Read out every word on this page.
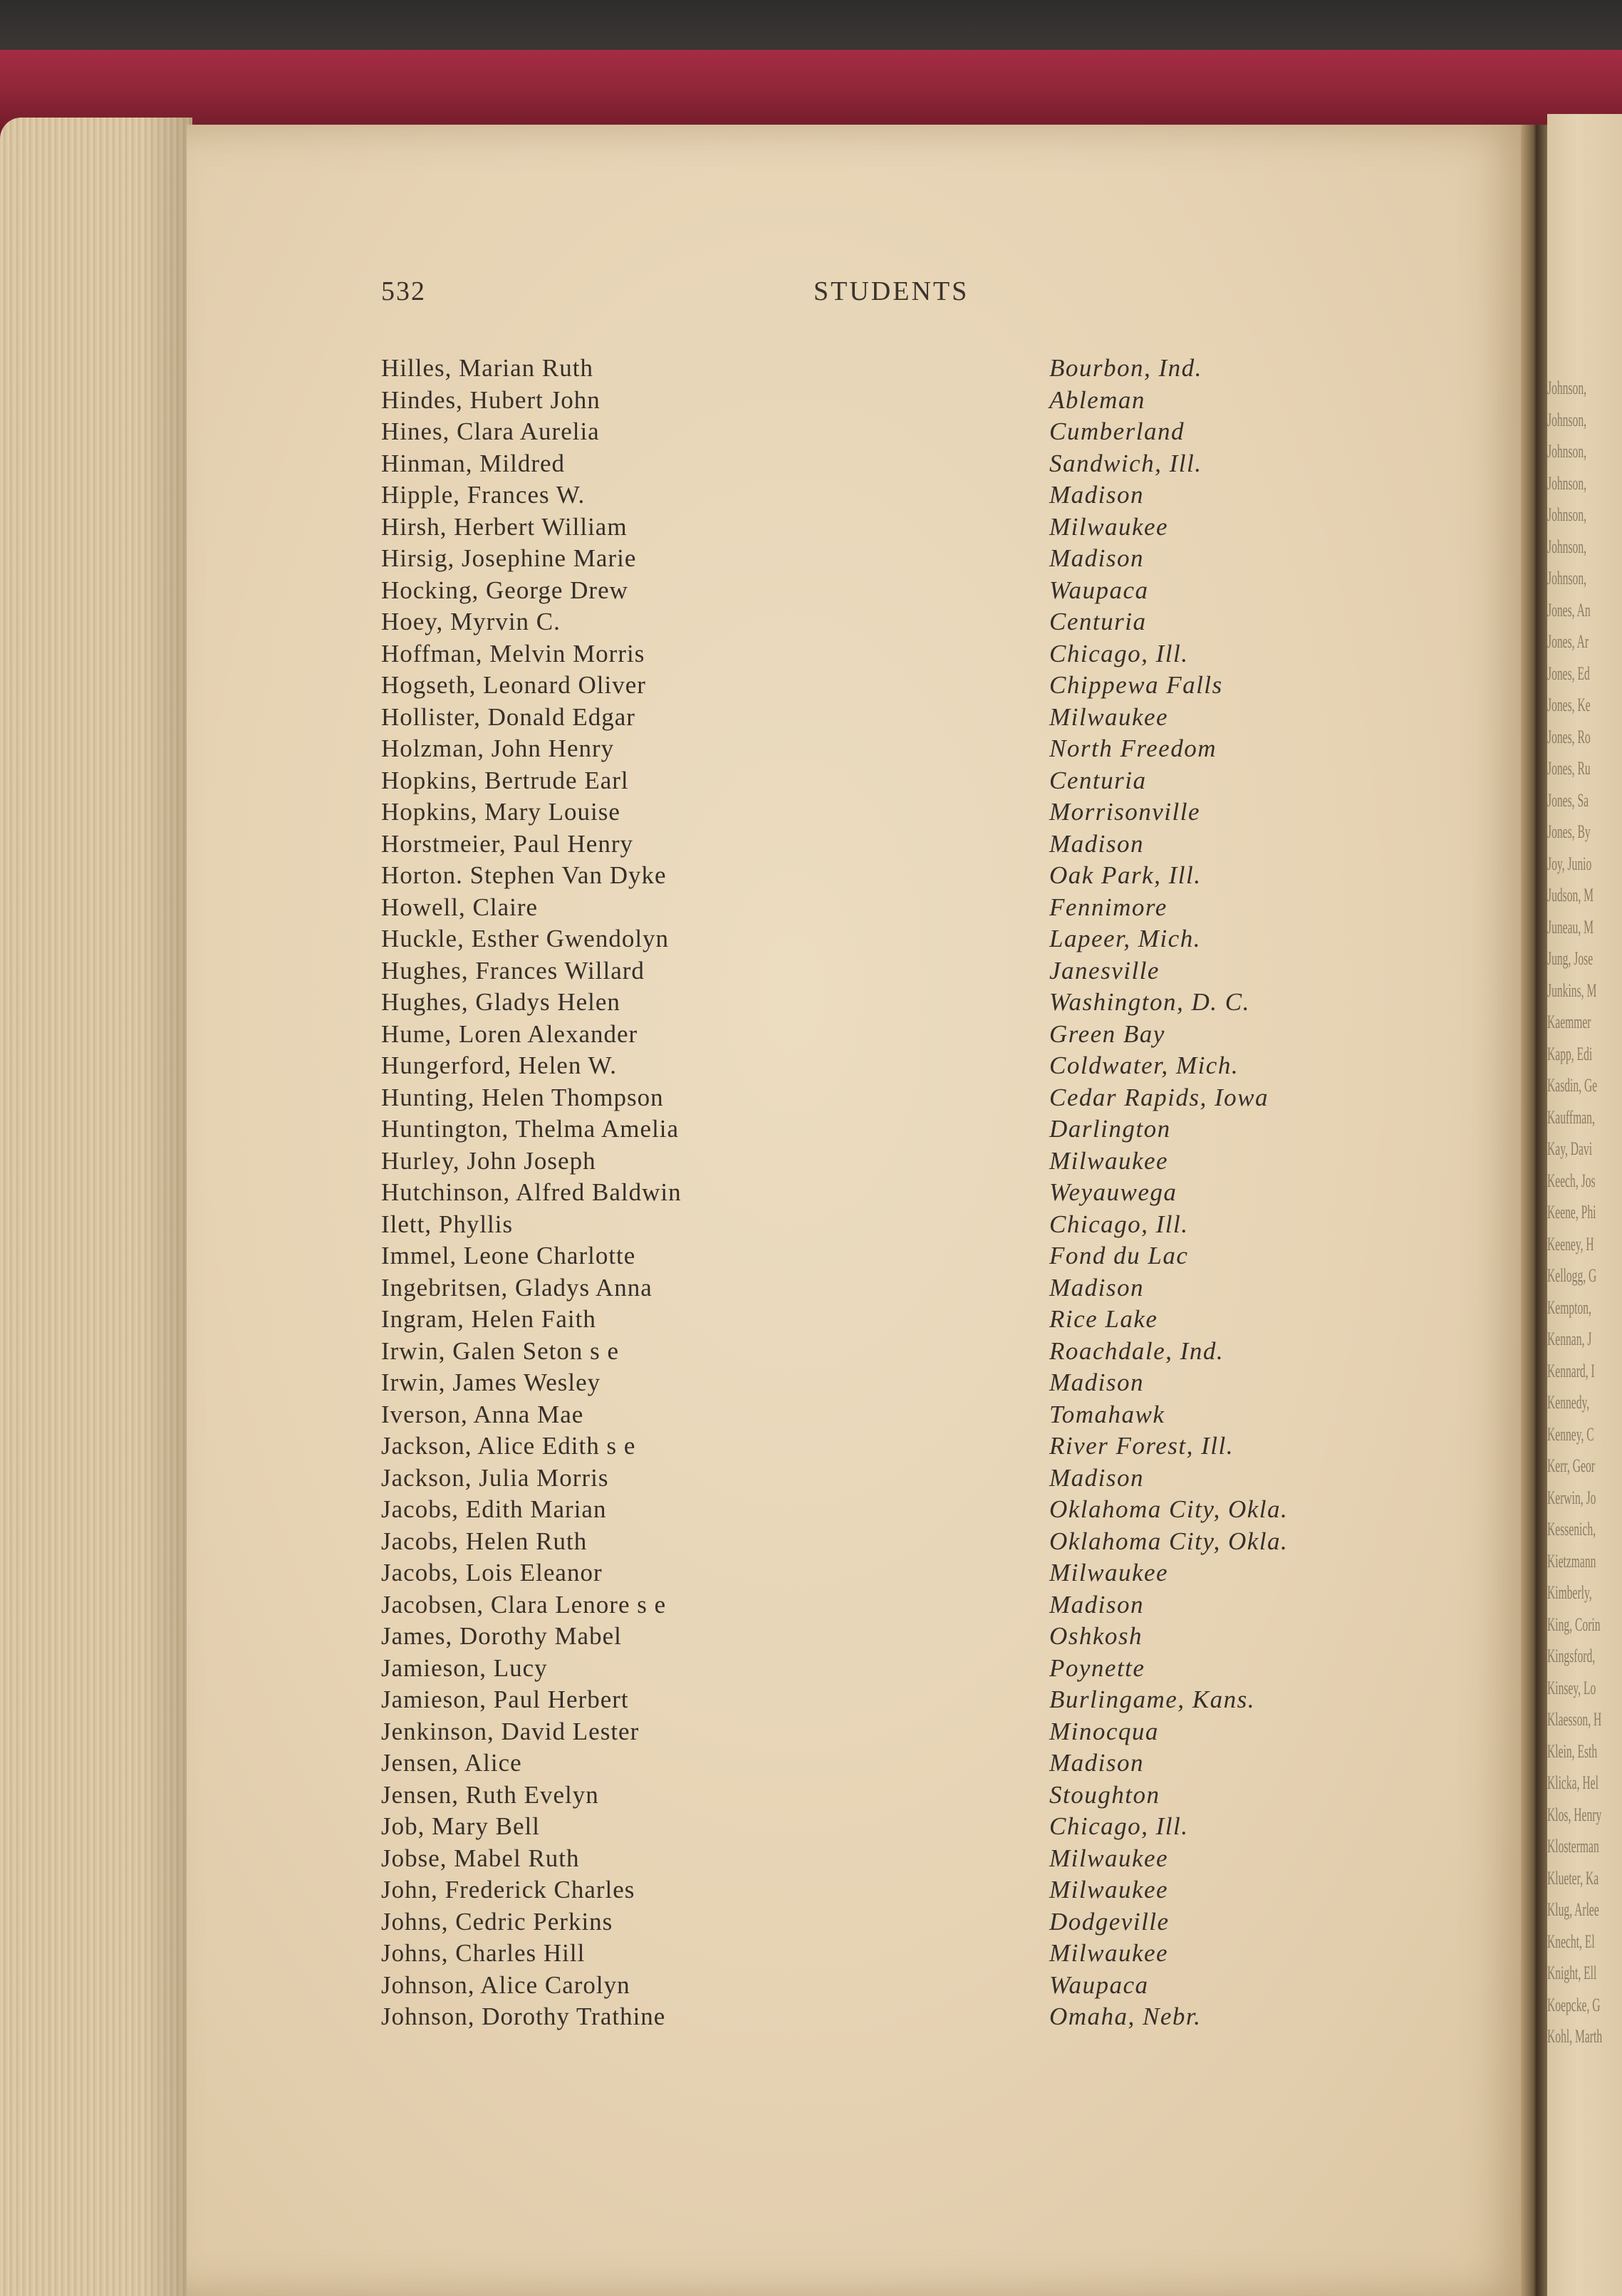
Johnson,
Johnson,
Johnson,
Johnson,
Johnson,
Johnson,
Johnson,
Jones, An
Jones, Ar
Jones, Ed
Jones, Ke
Jones, Ro
Jones, Ru
Jones, Sa
Jones, By
Joy, Junio
Judson, M
Juneau, M
Jung, Jose
Junkins, M
Kaemmer
Kapp, Edi
Kasdin, Ge
Kauffman,
Kay, Davi
Keech, Jos
Keene, Phi
Keeney, H
Kellogg, G
Kempton,
Kennan, J
Kennard, I
Kennedy,
Kenney, C
Kerr, Geor
Kerwin, Jo
Kessenich,
Kietzmann
Kimberly,
King, Corin
Kingsford,
Kinsey, Lo
Klaesson, H
Klein, Esth
Klicka, Hel
Klos, Henry
Klosterman
Klueter, Ka
Klug, Arlee
Knecht, El
Knight, Ell
Koepcke, G
Kohl, Marth
532	STUDENTS
Hilles, Marian Ruth	Bourbon, Ind.
Hindes, Hubert John	Ableman
Hines, Clara Aurelia	Cumberland
Hinman, Mildred	Sandwich, Ill.
Hipple, Frances W.	Madison
Hirsh, Herbert William	Milwaukee
Hirsig, Josephine Marie	Madison
Hocking, George Drew	Waupaca
Hoey, Myrvin C.	Centuria
Hoffman, Melvin Morris	Chicago, Ill.
Hogseth, Leonard Oliver	Chippewa Falls
Hollister, Donald Edgar	Milwaukee
Holzman, John Henry	North Freedom
Hopkins, Bertrude Earl	Centuria
Hopkins, Mary Louise	Morrisonville
Horstmeier, Paul Henry	Madison
Horton. Stephen Van Dyke	Oak Park, Ill.
Howell, Claire	Fennimore
Huckle, Esther Gwendolyn	Lapeer, Mich.
Hughes, Frances Willard	Janesville
Hughes, Gladys Helen	Washington, D. C.
Hume, Loren Alexander	Green Bay
Hungerford, Helen W.	Coldwater, Mich.
Hunting, Helen Thompson	Cedar Rapids, Iowa
Huntington, Thelma Amelia	Darlington
Hurley, John Joseph	Milwaukee
Hutchinson, Alfred Baldwin	Weyauwega
Ilett, Phyllis	Chicago, Ill.
Immel, Leone Charlotte	Fond du Lac
Ingebritsen, Gladys Anna	Madison
Ingram, Helen Faith	Rice Lake
Irwin, Galen Seton s e	Roachdale, Ind.
Irwin, James Wesley	Madison
Iverson, Anna Mae	Tomahawk
Jackson, Alice Edith s e	River Forest, Ill.
Jackson, Julia Morris	Madison
Jacobs, Edith Marian	Oklahoma City, Okla.
Jacobs, Helen Ruth	Oklahoma City, Okla.
Jacobs, Lois Eleanor	Milwaukee
Jacobsen, Clara Lenore s e	Madison
James, Dorothy Mabel	Oshkosh
Jamieson, Lucy	Poynette
Jamieson, Paul Herbert	Burlingame, Kans.
Jenkinson, David Lester	Minocqua
Jensen, Alice	Madison
Jensen, Ruth Evelyn	Stoughton
Job, Mary Bell	Chicago, Ill.
Jobse, Mabel Ruth	Milwaukee
John, Frederick Charles	Milwaukee
Johns, Cedric Perkins	Dodgeville
Johns, Charles Hill	Milwaukee
Johnson, Alice Carolyn	Waupaca
Johnson, Dorothy Trathine	Omaha, Nebr.
